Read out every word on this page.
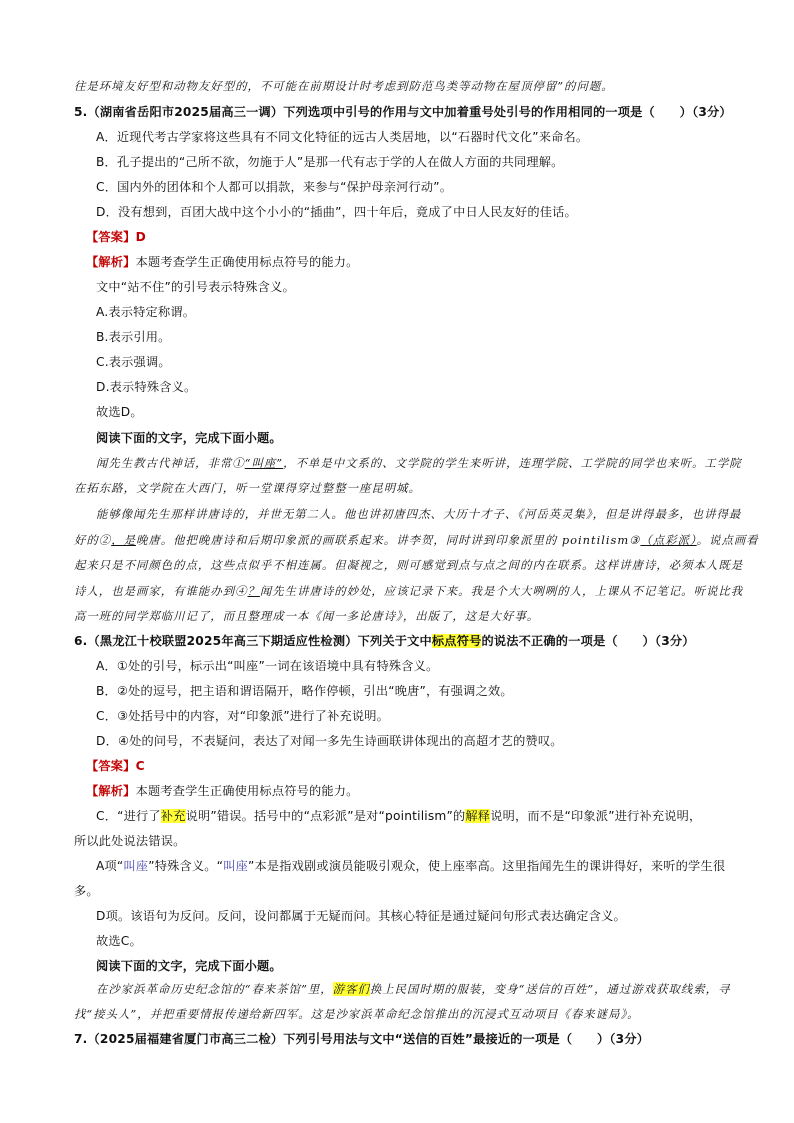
往是环境友好型和动物友好型的，不可能在前期设计时考虑到防范鸟类等动物在屋顶停留”的问题。
5.（湖南省岳阳市2025届高三一调）下列选项中引号的作用与文中加着重号处引号的作用相同的一项是（　　）（3分）
A．近现代考古学家将这些具有不同文化特征的远古人类居地，以“石器时代文化”来命名。
B．孔子提出的“己所不欲，勿施于人”是那一代有志于学的人在做人方面的共同理解。
C．国内外的团体和个人都可以捐款，来参与“保护母亲河行动”。
D．没有想到，百团大战中这个小小的“插曲”，四十年后，竟成了中日人民友好的佳话。
【答案】D
【解析】本题考查学生正确使用标点符号的能力。
文中“站不住”的引号表示特殊含义。
A.表示特定称谓。
B.表示引用。
C.表示强调。
D.表示特殊含义。
故选D。
阅读下面的文字，完成下面小题。
闻先生教古代神话，非常①“叫座”，不单是中文系的、文学院的学生来听讲，连理学院、工学院的同学也来听。工学院
在拓东路，文学院在大西门，听一堂课得穿过整整一座昆明城。
能够像闻先生那样讲唐诗的，并世无第二人。他也讲初唐四杰、大历十才子、《河岳英灵集》，但是讲得最多，也讲得最
好的②，是晚唐。他把晚唐诗和后期印象派的画联系起来。讲李贺，同时讲到印象派里的 pointilism③（点彩派）。说点画看
起来只是不同颜色的点，这些点似乎不相连属。但凝视之，则可感觉到点与点之间的内在联系。这样讲唐诗，必须本人既是
诗人，也是画家，有谁能办到④？闻先生讲唐诗的妙处，应该记录下来。我是个大大咧咧的人，上课从不记笔记。听说比我
高一班的同学郑临川记了，而且整理成一本《闻一多论唐诗》，出版了，这是大好事。
6.（黑龙江十校联盟2025年高三下期适应性检测）下列关于文中标点符号的说法不正确的一项是（　　）（3分）
A．①处的引号，标示出“叫座”一词在该语境中具有特殊含义。
B．②处的逗号，把主语和谓语隔开，略作停顿，引出“晚唐”，有强调之效。
C．③处括号中的内容，对“印象派”进行了补充说明。
D．④处的问号，不表疑问，表达了对闻一多先生诗画联讲体现出的高超才艺的赞叹。
【答案】C
【解析】本题考查学生正确使用标点符号的能力。
C．“进行了补充说明”错误。括号中的“点彩派”是对“pointilism”的解释说明，而不是“印象派”进行补充说明，
所以此处说法错误。
A项“叫座”特殊含义。“叫座”本是指戏剧或演员能吸引观众，使上座率高。这里指闻先生的课讲得好，来听的学生很
多。
D项。该语句为反问。反问，设问都属于无疑而问。其核心特征是通过疑问句形式表达确定含义。
故选C。
阅读下面的文字，完成下面小题。
在沙家浜革命历史纪念馆的“春来茶馆”里，游客们换上民国时期的服装，变身“送信的百姓”，通过游戏获取线索，寻
找“接头人”，并把重要情报传递给新四军。这是沙家浜革命纪念馆推出的沉浸式互动项目《春来谜局》。
7.（2025届福建省厦门市高三二检）下列引号用法与文中“送信的百姓”最接近的一项是（　　）（3分）
